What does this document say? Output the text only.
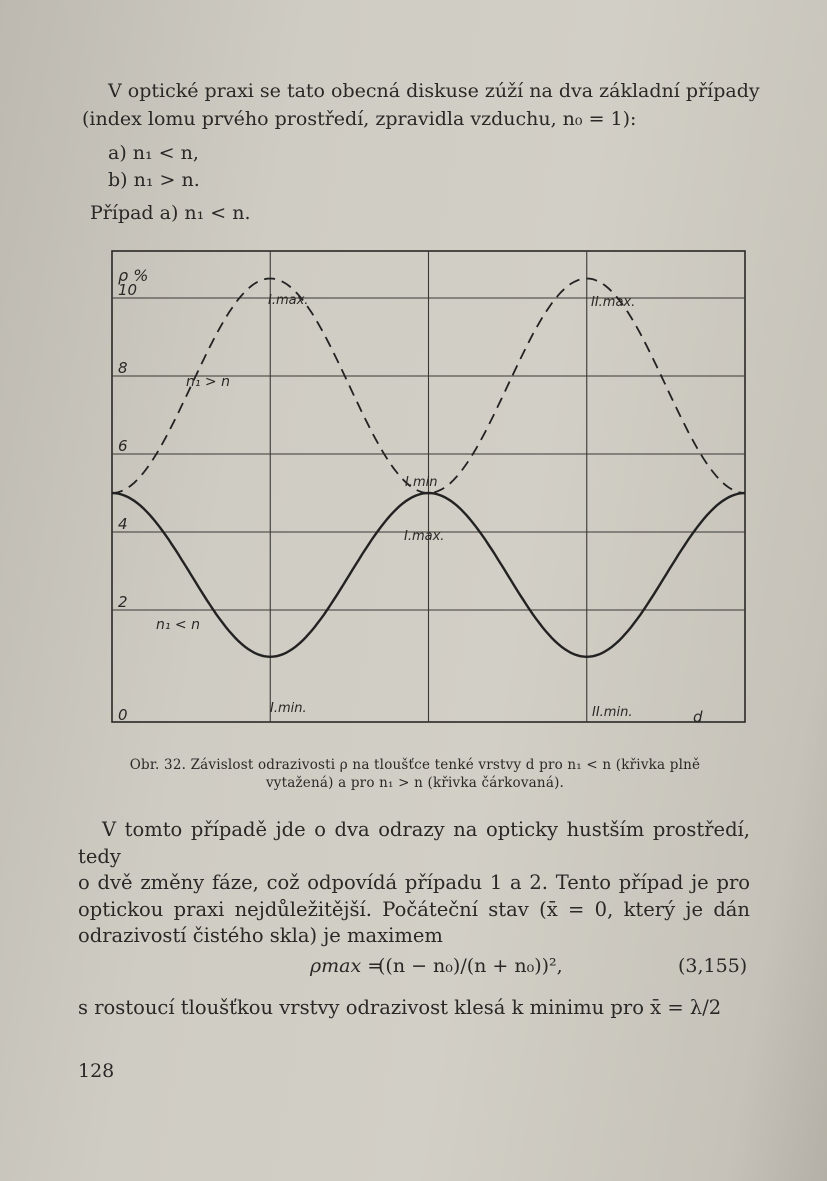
V optické praxi se tato obecná diskuse zúží na dva základní případy
(index lomu prvého prostředí, zpravidla vzduchu, n₀ = 1):
a) n₁ < n,
b) n₁ > n.
Případ a) n₁ < n.
0
2
4
6
8
10
ρ %
d
n₁ > n
n₁ < n
I.max.	II.max.
I.min
I.max.
I.min.	II.min.
Obr. 32. Závislost odrazivosti ρ na tloušťce tenké vrstvy d pro n₁ < n (křivka plně
vytažená) a pro n₁ > n (křivka čárkovaná).
V tomto případě jde o dva odrazy na opticky hustším prostředí, tedy
o dvě změny fáze, což odpovídá případu 1 a 2. Tento případ je pro
optickou praxi nejdůležitější. Počáteční stav (x̄ = 0, který je dán
odrazivostí čistého skla) je maximem
ρmax =
((n − n₀)/(n + n₀))²,	(3,155)
s rostoucí tloušťkou vrstvy odrazivost klesá k minimu pro x̄ = λ/2
128
